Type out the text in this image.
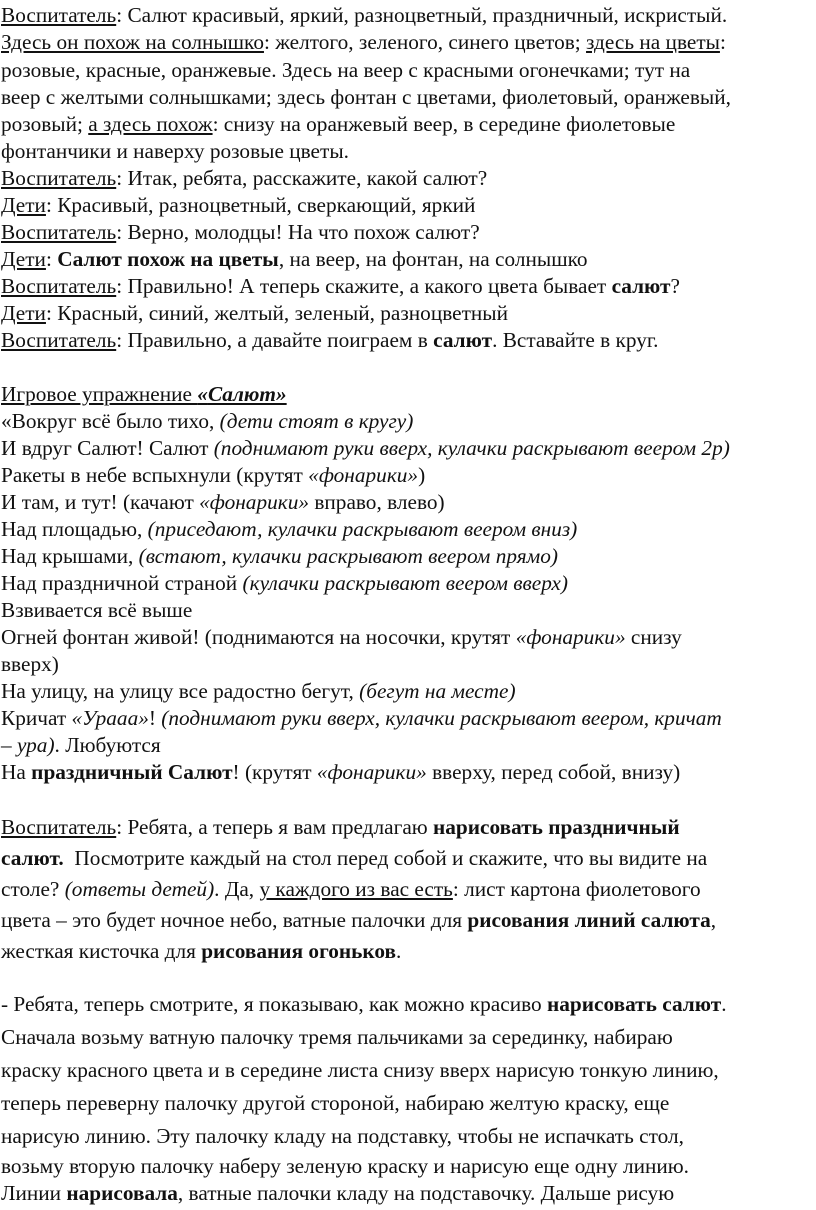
Воспитатель: Салют красивый, яркий, разноцветный, праздничный, искристый.
Здесь он похож на солнышко: желтого, зеленого, синего цветов; здесь на цветы:
розовые, красные, оранжевые. Здесь на веер с красными огонечками; тут на
веер с желтыми солнышками; здесь фонтан с цветами, фиолетовый, оранжевый,
розовый; а здесь похож: снизу на оранжевый веер, в середине фиолетовые
фонтанчики и наверху розовые цветы.
Воспитатель: Итак, ребята, расскажите, какой салют?
Дети: Красивый, разноцветный, сверкающий, яркий
Воспитатель: Верно, молодцы! На что похож салют?
Дети: Салют похож на цветы, на веер, на фонтан, на солнышко
Воспитатель: Правильно! А теперь скажите, а какого цвета бывает салют?
Дети: Красный, синий, желтый, зеленый, разноцветный
Воспитатель: Правильно, а давайте поиграем в салют. Вставайте в круг.
Игровое упражнение «Салют»
«Вокруг всё было тихо, (дети стоят в кругу)
И вдруг Салют! Салют (поднимают руки вверх, кулачки раскрывают веером 2р)
Ракеты в небе вспыхнули (крутят «фонарики»)
И там, и тут! (качают «фонарики» вправо, влево)
Над площадью, (приседают, кулачки раскрывают веером вниз)
Над крышами, (встают, кулачки раскрывают веером прямо)
Над праздничной страной (кулачки раскрывают веером вверх)
Взвивается всё выше
Огней фонтан живой! (поднимаются на носочки, крутят «фонарики» снизу
вверх)
На улицу, на улицу все радостно бегут, (бегут на месте)
Кричат «Урааа»! (поднимают руки вверх, кулачки раскрывают веером, кричат
– ура). Любуются
На праздничный Салют! (крутят «фонарики» вверху, перед собой, внизу)
Воспитатель: Ребята, а теперь я вам предлагаю нарисовать праздничный
салют.  Посмотрите каждый на стол перед собой и скажите, что вы видите на
столе? (ответы детей). Да, у каждого из вас есть: лист картона фиолетового
цвета – это будет ночное небо, ватные палочки для рисования линий салюта,
жесткая кисточка для рисования огоньков.
- Ребята, теперь смотрите, я показываю, как можно красиво нарисовать салют.
Сначала возьму ватную палочку тремя пальчиками за серединку, набираю
краску красного цвета и в середине листа снизу вверх нарисую тонкую линию,
теперь переверну палочку другой стороной, набираю желтую краску, еще
нарисую линию. Эту палочку кладу на подставку, чтобы не испачкать стол,
возьму вторую палочку наберу зеленую краску и нарисую еще одну линию.
Линии нарисовала, ватные палочки кладу на подставочку. Дальше рисую
